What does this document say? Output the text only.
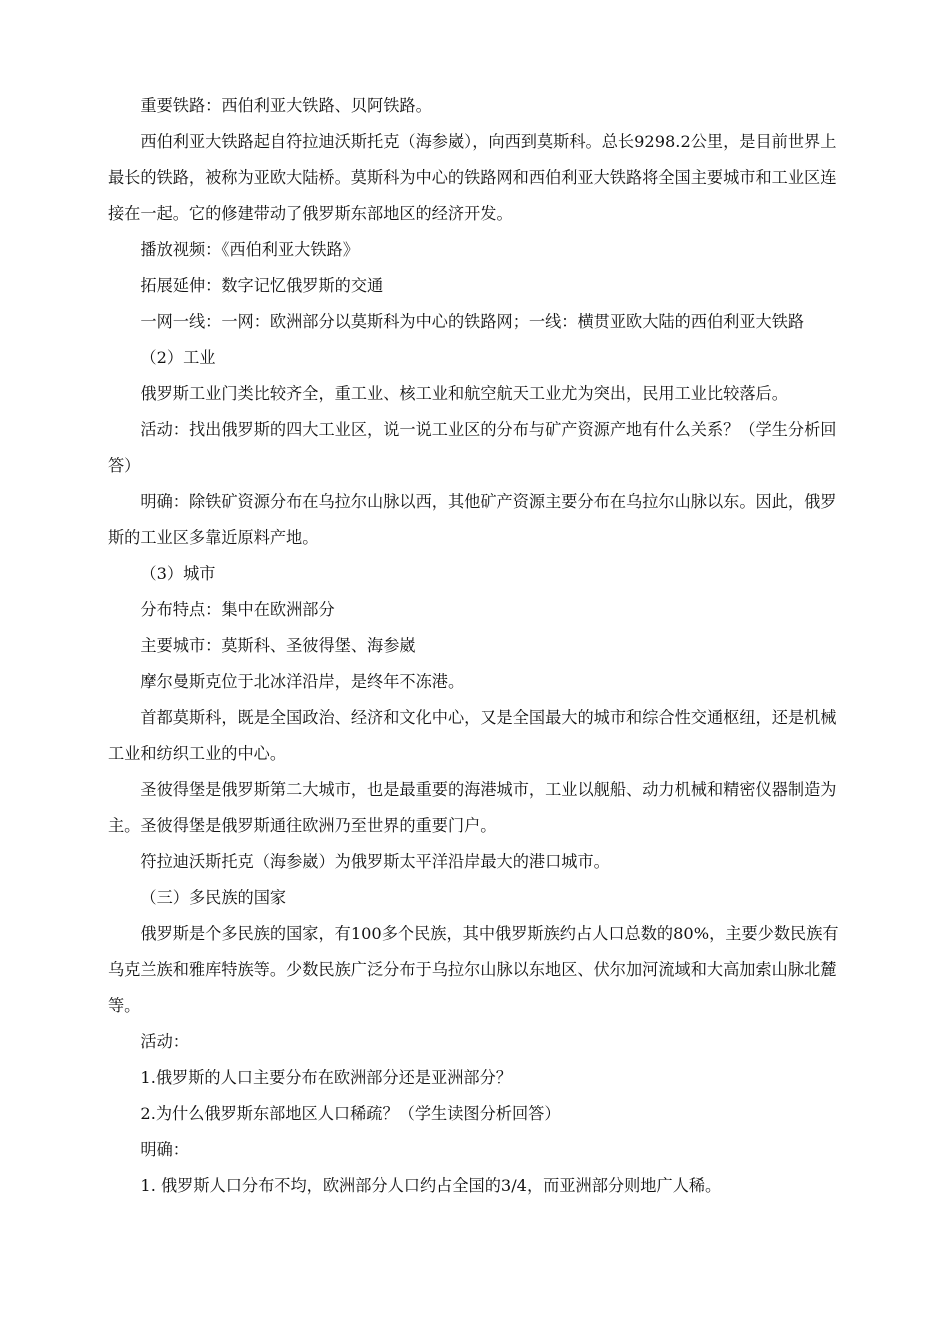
重要铁路：西伯利亚大铁路、贝阿铁路。

西伯利亚大铁路起自符拉迪沃斯托克（海参崴），向西到莫斯科。总长9298.2公里，是目前世界上最长的铁路，被称为亚欧大陆桥。莫斯科为中心的铁路网和西伯利亚大铁路将全国主要城市和工业区连接在一起。它的修建带动了俄罗斯东部地区的经济开发。

播放视频：《西伯利亚大铁路》

拓展延伸：数字记忆俄罗斯的交通

一网一线：一网：欧洲部分以莫斯科为中心的铁路网；一线：横贯亚欧大陆的西伯利亚大铁路

（2）工业

俄罗斯工业门类比较齐全，重工业、核工业和航空航天工业尤为突出，民用工业比较落后。

活动：找出俄罗斯的四大工业区，说一说工业区的分布与矿产资源产地有什么关系？（学生分析回答）

明确：除铁矿资源分布在乌拉尔山脉以西，其他矿产资源主要分布在乌拉尔山脉以东。因此，俄罗斯的工业区多靠近原料产地。

（3）城市

分布特点：集中在欧洲部分

主要城市：莫斯科、圣彼得堡、海参崴

摩尔曼斯克位于北冰洋沿岸，是终年不冻港。

首都莫斯科，既是全国政治、经济和文化中心，又是全国最大的城市和综合性交通枢纽，还是机械工业和纺织工业的中心。

圣彼得堡是俄罗斯第二大城市，也是最重要的海港城市，工业以舰船、动力机械和精密仪器制造为主。圣彼得堡是俄罗斯通往欧洲乃至世界的重要门户。

符拉迪沃斯托克（海参崴）为俄罗斯太平洋沿岸最大的港口城市。

（三）多民族的国家

俄罗斯是个多民族的国家，有100多个民族，其中俄罗斯族约占人口总数的80%，主要少数民族有乌克兰族和雅库特族等。少数民族广泛分布于乌拉尔山脉以东地区、伏尔加河流域和大高加索山脉北麓等。

活动：

1.俄罗斯的人口主要分布在欧洲部分还是亚洲部分？

2.为什么俄罗斯东部地区人口稀疏？（学生读图分析回答）

明确：

1. 俄罗斯人口分布不均，欧洲部分人口约占全国的3/4，而亚洲部分则地广人稀。
